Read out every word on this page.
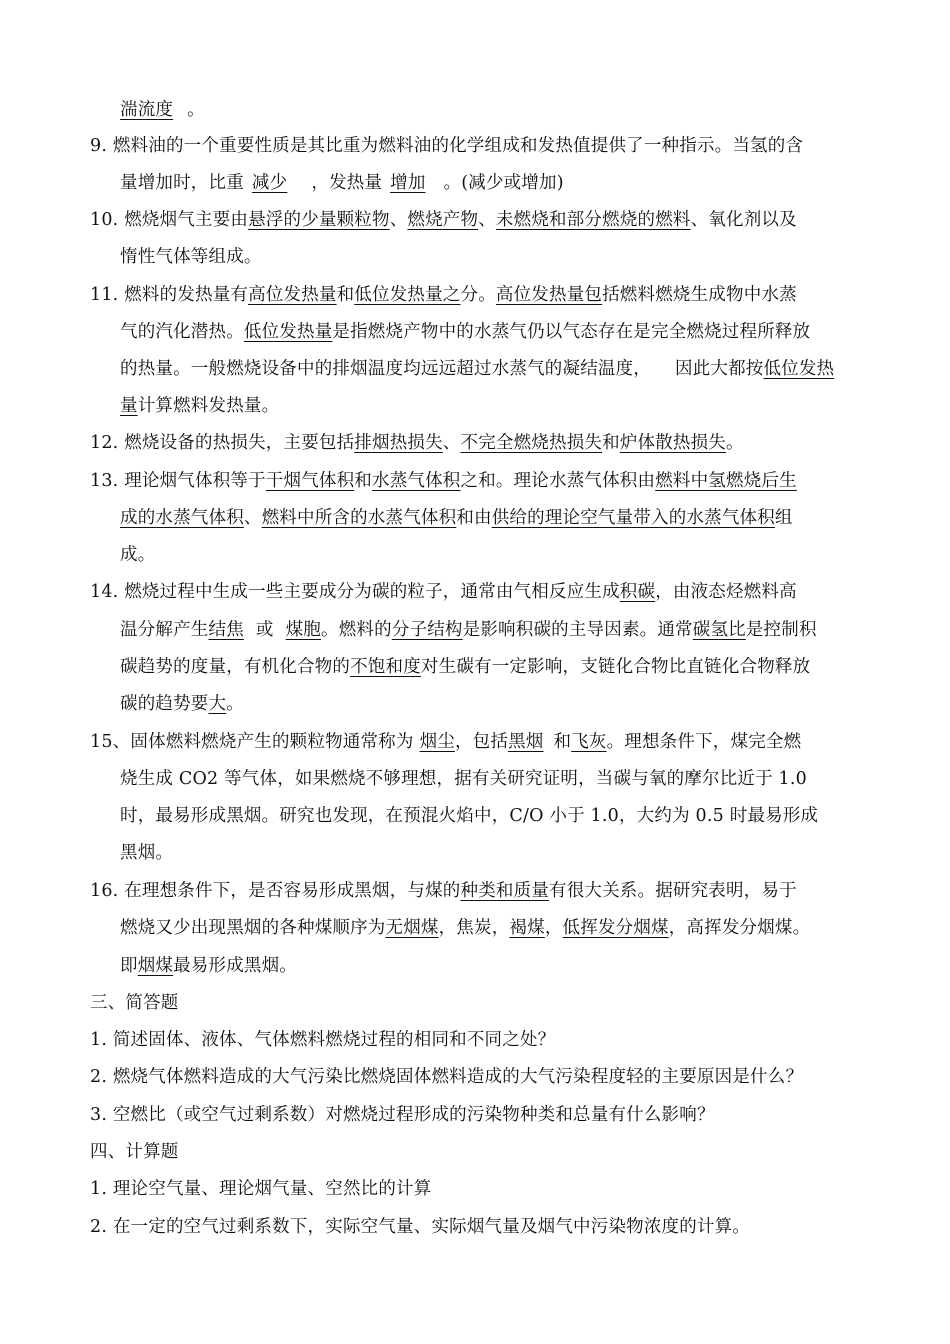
湍流度 。
9. 燃料油的一个重要性质是其比重为燃料油的化学组成和发热值提供了一种指示。当氢的含
量增加时，比重 减少 ，发热量 增加 。(减少或增加)
10. 燃烧烟气主要由悬浮的少量颗粒物、燃烧产物、未燃烧和部分燃烧的燃料、氧化剂以及
惰性气体等组成。
11. 燃料的发热量有高位发热量和低位发热量之分。高位发热量包括燃料燃烧生成物中水蒸
气的汽化潜热。低位发热量是指燃烧产物中的水蒸气仍以气态存在是完全燃烧过程所释放
的热量。一般燃烧设备中的排烟温度均远远超过水蒸气的凝结温度， 因此大都按低位发热
量计算燃料发热量。
12. 燃烧设备的热损失，主要包括排烟热损失、不完全燃烧热损失和炉体散热损失。
13. 理论烟气体积等于干烟气体积和水蒸气体积之和。理论水蒸气体积由燃料中氢燃烧后生
成的水蒸气体积、燃料中所含的水蒸气体积和由供给的理论空气量带入的水蒸气体积组
成。
14. 燃烧过程中生成一些主要成分为碳的粒子，通常由气相反应生成积碳，由液态烃燃料高
温分解产生结焦 或 煤胞。燃料的分子结构是影响积碳的主导因素。通常碳氢比是控制积
碳趋势的度量，有机化合物的不饱和度对生碳有一定影响，支链化合物比直链化合物释放
碳的趋势要大。
15、固体燃料燃烧产生的颗粒物通常称为 烟尘，包括黑烟 和飞灰。理想条件下，煤完全燃
烧生成 CO2 等气体，如果燃烧不够理想，据有关研究证明，当碳与氧的摩尔比近于 1.0
时，最易形成黑烟。研究也发现，在预混火焰中，C/O 小于 1.0，大约为 0.5 时最易形成
黑烟。
16. 在理想条件下，是否容易形成黑烟，与煤的种类和质量有很大关系。据研究表明，易于
燃烧又少出现黑烟的各种煤顺序为无烟煤，焦炭，褐煤，低挥发分烟煤，高挥发分烟煤。
即烟煤最易形成黑烟。
三、简答题
1. 简述固体、液体、气体燃料燃烧过程的相同和不同之处？
2. 燃烧气体燃料造成的大气污染比燃烧固体燃料造成的大气污染程度轻的主要原因是什么？
3. 空燃比（或空气过剩系数）对燃烧过程形成的污染物种类和总量有什么影响？
四、计算题
1. 理论空气量、理论烟气量、空然比的计算
2. 在一定的空气过剩系数下，实际空气量、实际烟气量及烟气中污染物浓度的计算。
